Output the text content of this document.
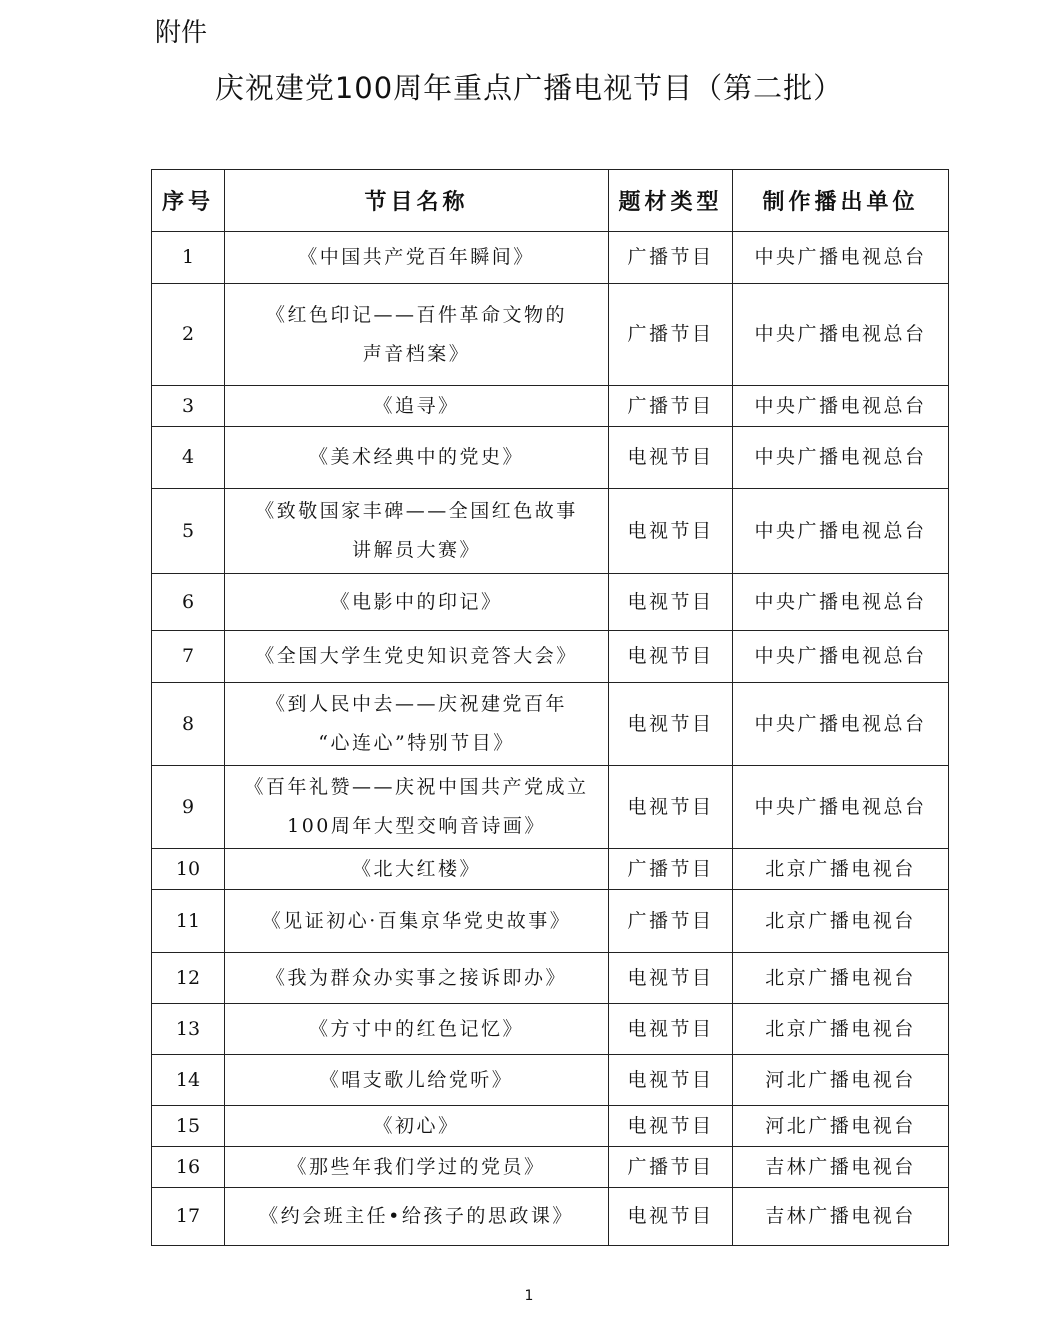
附件
庆祝建党100周年重点广播电视节目（第二批）
序号	节目名称	题材类型	制作播出单位
1	《中国共产党百年瞬间》	广播节目	中央广播电视总台
2	《红色印记——百件革命文物的
声音档案》	广播节目	中央广播电视总台
3	《追寻》	广播节目	中央广播电视总台
4	《美术经典中的党史》	电视节目	中央广播电视总台
5	《致敬国家丰碑——全国红色故事
讲解员大赛》	电视节目	中央广播电视总台
6	《电影中的印记》	电视节目	中央广播电视总台
7	《全国大学生党史知识竞答大会》	电视节目	中央广播电视总台
8	《到人民中去——庆祝建党百年
“心连心”特别节目》	电视节目	中央广播电视总台
9	《百年礼赞——庆祝中国共产党成立
100周年大型交响音诗画》	电视节目	中央广播电视总台
10	《北大红楼》	广播节目	北京广播电视台
11	《见证初心·百集京华党史故事》	广播节目	北京广播电视台
12	《我为群众办实事之接诉即办》	电视节目	北京广播电视台
13	《方寸中的红色记忆》	电视节目	北京广播电视台
14	《唱支歌儿给党听》	电视节目	河北广播电视台
15	《初心》	电视节目	河北广播电视台
16	《那些年我们学过的党员》	广播节目	吉林广播电视台
17	《约会班主任•给孩子的思政课》	电视节目	吉林广播电视台
1
